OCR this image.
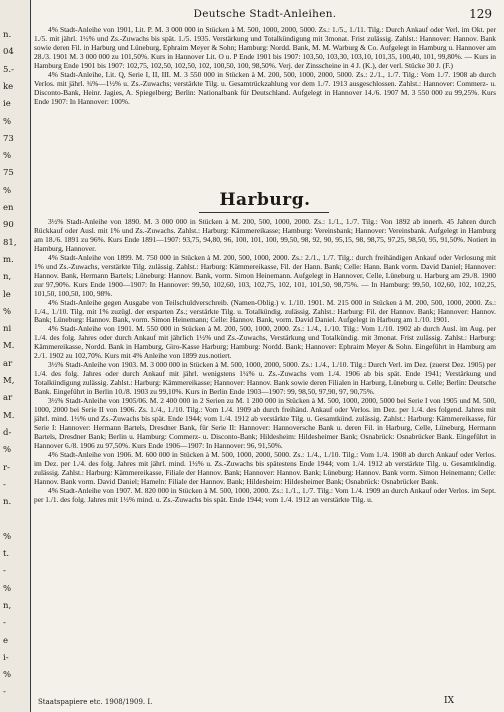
n.
04
5.-
ke
ie
%
73
%
75
%
en
90
81,
m.
n,
le
%
ni
M.
ar
M,
ar
M.
d-
%
r-
-
n.
%
t.
-
%
n,
-
e
i-
%
-
Deutsche Stadt-Anleihen.	129

4% Stadt-Anleihe von 1901, Lit. P. M. 3 000 000 in Stücken à M. 500, 1000, 2000, 5000. Zs.: 1./5., 1./11. Tilg.: Durch Ankauf oder Verl. im Okt. per 1./5. mit jährl. 1½% und Zs.-Zuwachs bis spät. 1./5. 1935. Verstärkung und Totalkündigung mit 3monat. Frist zulässig. Zahlst.: Hannover: Hannov. Bank sowie deren Fil. in Harburg und Lüneburg, Ephraim Meyer & Sohn; Hamburg: Nordd. Bank, M. M. Warburg & Co. Aufgelegt in Hamburg u. Hannover am 28./3. 1901 M. 3 000 000 zu 101,50%. Kurs in Hannover Lit. O u. P Ende 1901 bis 1907: 103,50, 103,30, 103,10, 101,35, 100,40, 101, 99,80%. — Kurs in Hamburg Ende 1901 bis 1907: 102,75, 102,50, 102,50, 102, 100,50, 100, 98,50%. Verj. der Zinsscheine in 4 J. (K.), der verl. Stücke 30 J. (F.)

4% Stadt-Anleihe, Lit. Q, Serie I, II, III. M. 3 550 000 in Stücken à M. 200, 500, 1000, 2000, 5000. Zs.: 2./1., 1./7. Tilg.: Vom 1./7. 1908 ab durch Verlos. mit jährl. ¾%—1½% u. Zs.-Zuwachs; verstärkte Tilg. u. Gesamtrückzahlung vor dem 1./7. 1913 ausgeschlossen. Zahlst.: Hannover: Commerz- u. Disconto-Bank, Heinr. Jagies, A. Spiegelberg; Berlin: Nationalbank für Deutschland. Aufgelegt in Hannover 14./6. 1907 M. 3 550 000 zu 99,25%. Kurs Ende 1907: In Hannover: 100%.

Harburg.

3½% Stadt-Anleihe von 1890. M. 3 000 000 in Stücken à M. 200, 500, 1000, 2000. Zs.: 1./1., 1./7. Tilg.: Von 1892 ab innerh. 45 Jahren durch Rückkauf oder Ausl. mit 1% und Zs.-Zuwachs. Zahlst.: Harburg: Kämmereikasse; Hamburg: Vereinsbank; Hannover: Vereinsbank. Aufgelegt in Hamburg am 18./6. 1891 zu 96%. Kurs Ende 1891—1907: 93,75, 94,80, 96, 100, 101, 100, 99,50, 98, 92, 90, 95,15, 98, 98,75, 97,25, 98,50, 95, 91,50%. Notiert in Hamburg, Hannover.

4% Stadt-Anleihe von 1899. M. 750 000 in Stücken à M. 200, 500, 1000, 2000. Zs.: 2./1., 1./7. Tilg.: durch freihändigen Ankauf oder Verlosung mit 1% und Zs.-Zuwachs, verstärkte Tilg. zulässig. Zahlst.: Harburg: Kämmereikasse, Fil. der Hann. Bank; Celle: Hann. Bank vorm. David Daniel; Hannover: Hannov. Bank, Hermann Bartels; Lüneburg: Hannov. Bank, vorm. Simon Heinemann. Aufgelegt in Hannover, Celle, Lüneburg u. Harburg am 29./8. 1900 zur 97,90%. Kurs Ende 1900—1907: In Hannover: 99,50, 102,60, 103, 102,75, 102, 101, 101,50, 98,75%. — In Hamburg: 99,50, 102,60, 102, 102,25, 101,50, 100,50, 100, 98%.

4% Stadt-Anleihe gegen Ausgabe von Teilschuldverschreib. (Namen-Oblig.) v. 1./10. 1901. M. 215 000 in Stücken à M. 200, 500, 1000, 2000. Zs.: 1./4., 1./10. Tilg. mit 1% zuzügl. der ersparten Zs.; verstärkte Tilg. u. Totalkündig. zulässig. Zahlst.: Harburg: Fil. der Hannov. Bank; Hannover: Hannov. Bank; Lüneburg: Hannov. Bank, vorm. Simon Heinemann; Celle: Hannov. Bank, vorm. David Daniel. Aufgelegt in Harburg am 1./10. 1901.

4% Stadt-Anleihe von 1901. M. 550 000 in Stücken à M. 200, 500, 1000, 2000. Zs.: 1./4., 1./10. Tilg.: Vom 1./10. 1902 ab durch Ausl. im Aug. per 1./4. des folg. Jahres oder durch Ankauf mit jährlich 1½% und Zs.-Zuwachs, Verstärkung und Totalkündig. mit 3monat. Frist zulässig. Zahlst.: Harburg: Kämmereikasse, Nordd. Bank in Hamburg, Giro-Kasse Harburg; Hamburg: Nordd. Bank; Hannover: Ephraim Meyer & Sohn. Eingeführt in Hamburg am 2./1. 1902 zu 102,70%. Kurs mit 4% Anleihe von 1899 zus.notiert.

3½% Stadt-Anleihe von 1903. M. 3 000 000 in Stücken à M. 500, 1000, 2000, 5000. Zs.: 1./4., 1./10. Tilg.: Durch Verl. im Dez. (zuerst Dez. 1905) per 1./4. des folg. Jahres oder durch Ankauf mit jährl. wenigstens 1¼% u. Zs.-Zuwachs vom 1./4. 1906 ab bis spät. Ende 1941; Verstärkung und Totalkündigung zulässig. Zahlst.: Harburg: Kämmereikasse; Hannover: Hannov. Bank sowie deren Filialen in Harburg, Lüneburg u. Celle; Berlin: Deutsche Bank. Eingeführt in Berlin 10./8. 1903 zu 99,10%. Kurs in Berlin Ende 1903—1907: 99, 98,50, 97,90, 97, 90,75%.

3½% Stadt-Anleihe von 1905/06. M. 2 400 000 in 2 Serien zu M. 1 200 000 in Stücken à M. 500, 1000, 2000, 5000 bei Serie I von 1905 und M. 500, 1000, 2000 bei Serie II von 1906. Zs. 1./4., 1./10. Tilg.: Vom 1./4. 1909 ab durch freihänd. Ankauf oder Verlos. im Dez. per 1./4. des folgend. Jahres mit jährl. mind. 1½% und Zs.-Zuwachs bis spät. Ende 1944; vom 1./4. 1912 ab verstärkte Tilg. u. Gesamtkünd. zulässig. Zahlst.: Harburg: Kämmereikasse, für Serie I: Hannover: Hermann Bartels, Dresdner Bank, für Serie II: Hannover: Hannoversche Bank u. deren Fil. in Harburg, Celle, Lüneburg, Hermann Bartels, Dresdner Bank; Berlin u. Hamburg: Commerz- u. Disconto-Bank; Hildesheim: Hildesheimer Bank; Osnabrück: Osnabrücker Bank. Eingeführt in Hannover 6./8. 1906 zu 97,50%. Kurs Ende 1906—1907: In Hannover: 96, 91,50%.

4% Stadt-Anleihe von 1906. M. 600 000 in Stücken à M. 500, 1000, 2000, 5000. Zs.: 1./4., 1./10. Tilg.: Vom 1./4. 1908 ab durch Ankauf oder Verlos. im Dez. per 1./4. des folg. Jahres mit jährl. mind. 1½% u. Zs.-Zuwachs bis spätestens Ende 1944; vom 1./4. 1912 ab verstärkte Tilg. u. Gesamtkündig. zulässig. Zahlst.: Harburg: Kämmereikasse, Filiale der Hannov. Bank; Hannover: Hannov. Bank; Lüneburg: Hannov. Bank vorm. Simon Heinemann; Celle: Hannov. Bank vorm. David Daniel; Hameln: Filiale der Hannov. Bank; Hildesheim: Hildesheimer Bank; Osnabrück: Osnabrücker Bank.

4% Stadt-Anleihe von 1907. M. 820 000 in Stücken à M. 500, 1000, 2000. Zs.: 1./1., 1./7. Tilg.: Vom 1./4. 1909 an durch Ankauf oder Verlos. im Sept. per 1./1. des folg. Jahres mit 1½% mind. u. Zs.-Zuwachs bis spät. Ende 1944; vom 1./4. 1912 an verstärkte Tilg. u.

Staatspapiere etc. 1908/1909. I.	IX
